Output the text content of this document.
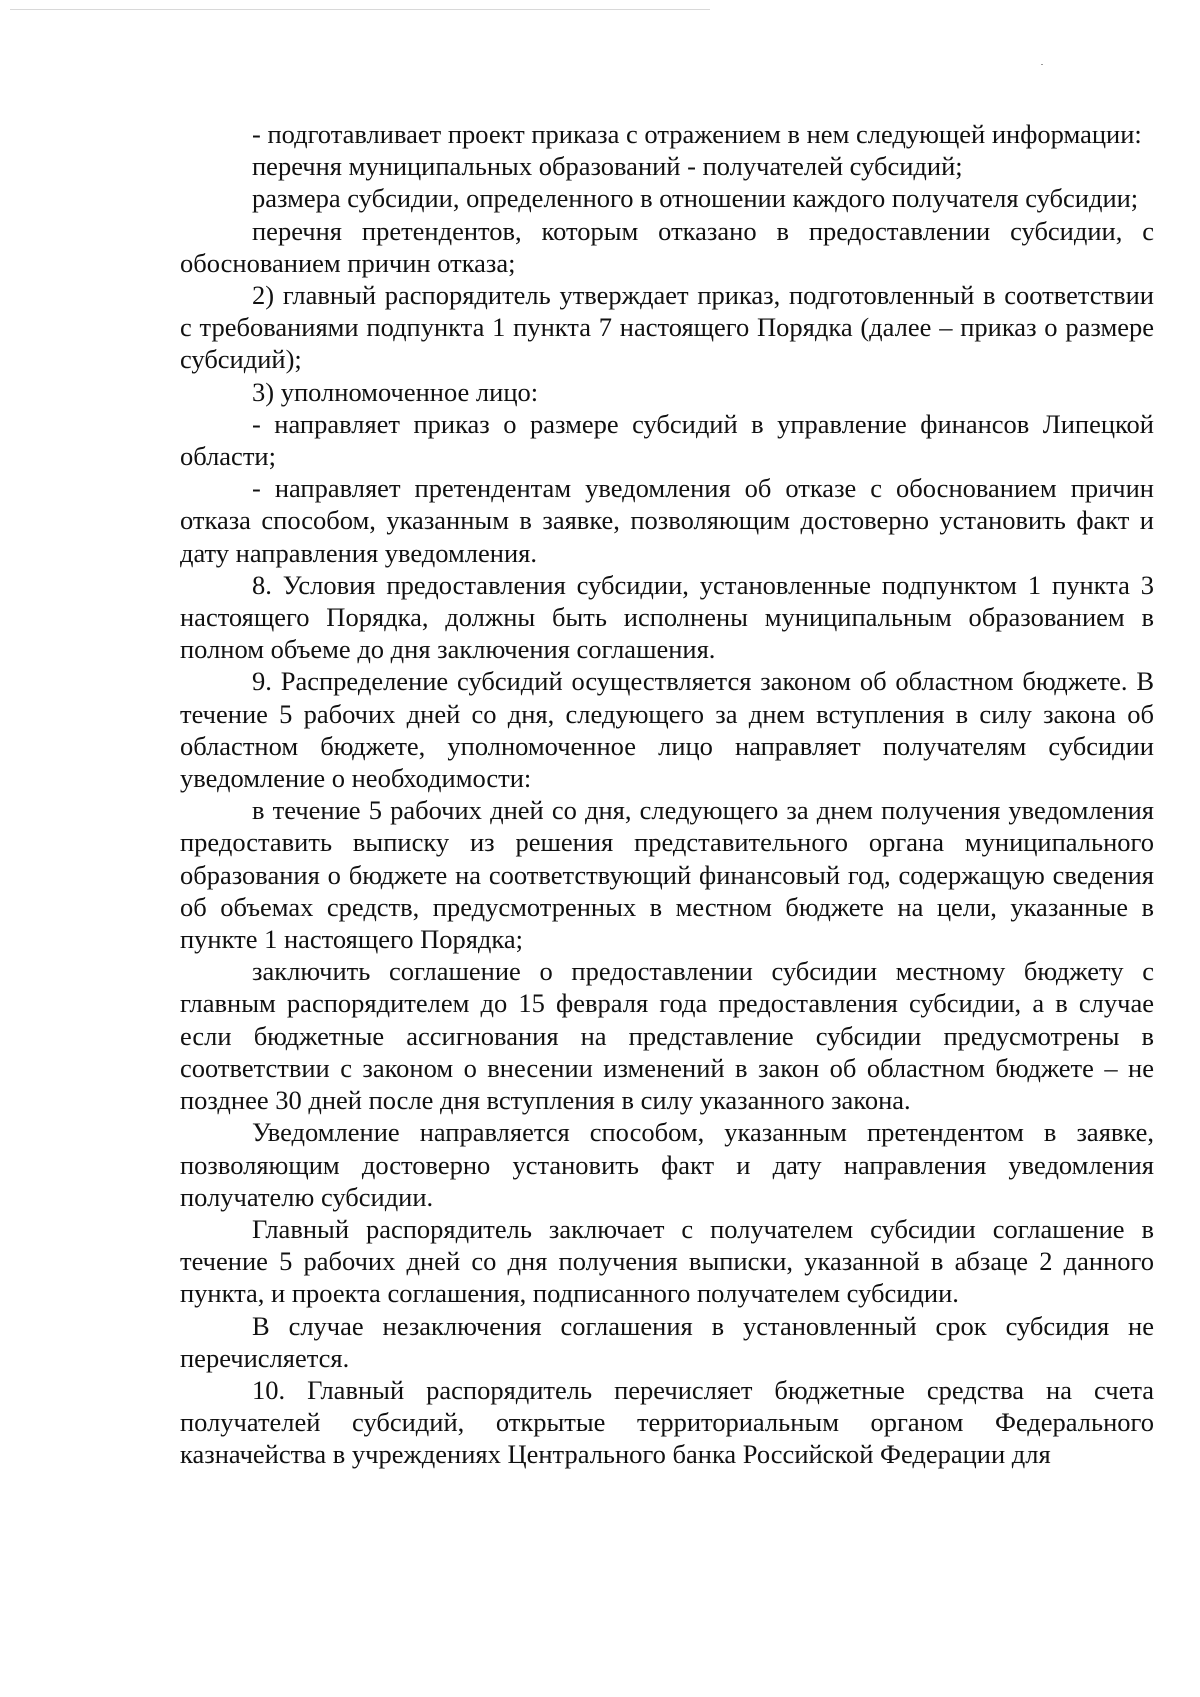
- подготавливает проект приказа с отражением в нем следующей информации:

перечня муниципальных образований - получателей субсидий;

размера субсидии, определенного в отношении каждого получателя субсидии;

перечня претендентов, которым отказано в предоставлении субсидии, с обоснованием причин отказа;

2) главный распорядитель утверждает приказ, подготовленный в соответствии с требованиями подпункта 1 пункта 7 настоящего Порядка (далее – приказ о размере субсидий);

3) уполномоченное лицо:

- направляет приказ о размере субсидий в управление финансов Липецкой области;

- направляет претендентам уведомления об отказе с обоснованием причин отказа способом, указанным в заявке, позволяющим достоверно установить факт и дату направления уведомления.

8. Условия предоставления субсидии, установленные подпунктом 1 пункта 3 настоящего Порядка, должны быть исполнены муниципальным образованием в полном объеме до дня заключения соглашения.

9. Распределение субсидий осуществляется законом об областном бюджете. В течение 5 рабочих дней со дня, следующего за днем вступления в силу закона об областном бюджете, уполномоченное лицо направляет получателям субсидии уведомление о необходимости:

в течение 5 рабочих дней со дня, следующего за днем получения уведомления предоставить выписку из решения представительного органа муниципального образования о бюджете на соответствующий финансовый год, содержащую сведения об объемах средств, предусмотренных в местном бюджете на цели, указанные в пункте 1 настоящего Порядка;

заключить соглашение о предоставлении субсидии местному бюджету с главным распорядителем до 15 февраля года предоставления субсидии, а в случае если бюджетные ассигнования на представление субсидии предусмотрены в соответствии с законом о внесении изменений в закон об областном бюджете – не позднее 30 дней после дня вступления в силу указанного закона.

Уведомление направляется способом, указанным претендентом в заявке, позволяющим достоверно установить факт и дату направления уведомления получателю субсидии.

Главный распорядитель заключает с получателем субсидии соглашение в течение 5 рабочих дней со дня получения выписки, указанной в абзаце 2 данного пункта, и проекта соглашения, подписанного получателем субсидии.

В случае незаключения соглашения в установленный срок субсидия не перечисляется.

10. Главный распорядитель перечисляет бюджетные средства на счета получателей субсидий, открытые территориальным органом Федерального казначейства в учреждениях Центрального банка Российской Федерации для
